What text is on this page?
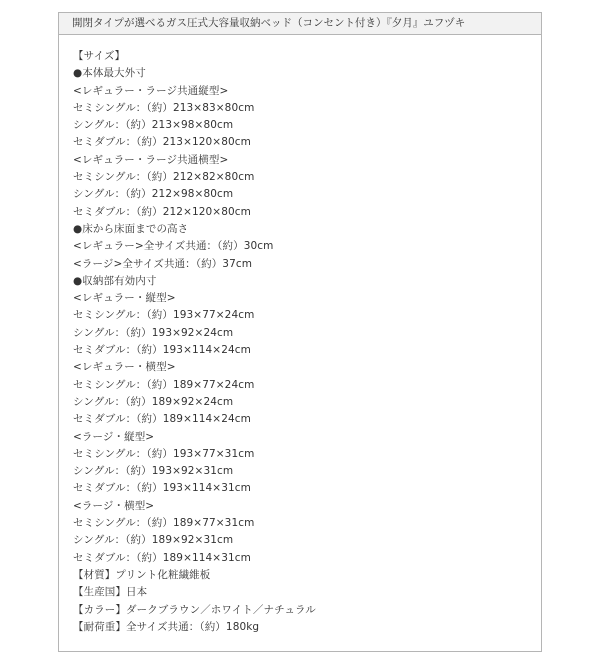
開閉タイプが選べるガス圧式大容量収納ベッド（コンセント付き）『夕月』ユフヅキ
【サイズ】
●本体最大外寸
<レギュラー・ラージ共通縦型>
セミシングル：（約）213×83×80cm
シングル：（約）213×98×80cm
セミダブル：（約）213×120×80cm
<レギュラー・ラージ共通横型>
セミシングル：（約）212×82×80cm
シングル：（約）212×98×80cm
セミダブル：（約）212×120×80cm
●床から床面までの高さ
<レギュラー>全サイズ共通：（約）30cm
<ラージ>全サイズ共通：（約）37cm
●収納部有効内寸
<レギュラー・縦型>
セミシングル：（約）193×77×24cm
シングル：（約）193×92×24cm
セミダブル：（約）193×114×24cm
<レギュラー・横型>
セミシングル：（約）189×77×24cm
シングル：（約）189×92×24cm
セミダブル：（約）189×114×24cm
<ラージ・縦型>
セミシングル：（約）193×77×31cm
シングル：（約）193×92×31cm
セミダブル：（約）193×114×31cm
<ラージ・横型>
セミシングル：（約）189×77×31cm
シングル：（約）189×92×31cm
セミダブル：（約）189×114×31cm
【材質】プリント化粧繊維板
【生産国】日本
【カラー】ダークブラウン／ホワイト／ナチュラル
【耐荷重】全サイズ共通：（約）180kg
